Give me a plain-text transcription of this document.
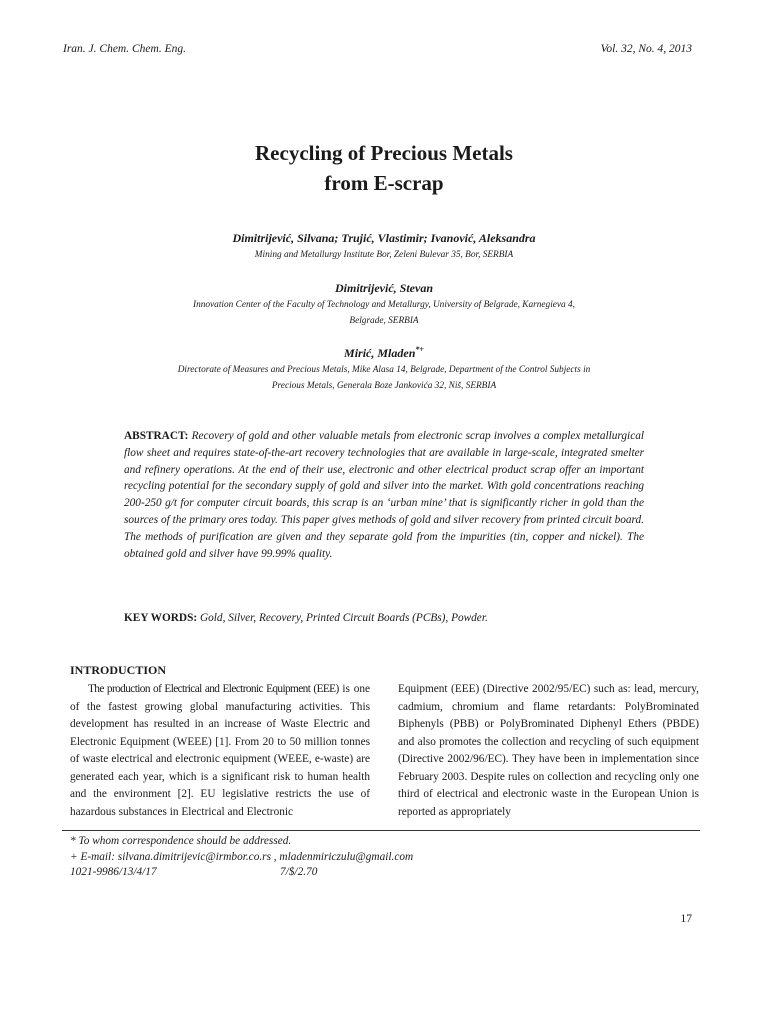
Iran. J. Chem. Chem. Eng.	Vol. 32, No. 4, 2013
Recycling of Precious Metals
from E-scrap
Dimitrijević, Silvana; Trujić, Vlastimir; Ivanović, Aleksandra
Mining and Metallurgy Institute Bor, Zeleni Bulevar 35, Bor, SERBIA
Dimitrijević, Stevan
Innovation Center of the Faculty of Technology and Metallurgy, University of Belgrade, Karnegieva 4,
Belgrade, SERBIA
Mirić, Mladen*+
Directorate of Measures and Precious Metals, Mike Alasa 14, Belgrade, Department of the Control Subjects in
Precious Metals, Generala Boze Jankovića 32, Niš, SERBIA
ABSTRACT: Recovery of gold and other valuable metals from electronic scrap involves a complex metallurgical flow sheet and requires state-of-the-art recovery technologies that are available in large-scale, integrated smelter and refinery operations. At the end of their use, electronic and other electrical product scrap offer an important recycling potential for the secondary supply of gold and silver into the market. With gold concentrations reaching 200-250 g/t for computer circuit boards, this scrap is an ‘urban mine’ that is significantly richer in gold than the sources of the primary ores today. This paper gives methods of gold and silver recovery from printed circuit board. The methods of purification are given and they separate gold from the impurities (tin, copper and nickel). The obtained gold and silver have 99.99% quality.
KEY WORDS: Gold, Silver, Recovery, Printed Circuit Boards (PCBs), Powder.
INTRODUCTION
The production of Electrical and Electronic Equipment (EEE) is one of the fastest growing global manufacturing activities. This development has resulted in an increase of Waste Electric and Electronic Equipment (WEEE) [1]. From 20 to 50 million tonnes of waste electrical and electronic equipment (WEEE, e-waste) are generated each year, which is a significant risk to human health and the environment [2]. EU legislative restricts the use of hazardous substances in Electrical and Electronic
Equipment (EEE) (Directive 2002/95/EC) such as: lead, mercury, cadmium, chromium and flame retardants: PolyBrominated Biphenyls (PBB) or PolyBrominated Diphenyl Ethers (PBDE) and also promotes the collection and recycling of such equipment (Directive 2002/96/EC). They have been in implementation since February 2003. Despite rules on collection and recycling only one third of electrical and electronic waste in the European Union is reported as appropriately
* To whom correspondence should be addressed.
+ E-mail: silvana.dimitrijevic@irmbor.co.rs , mladenmiriczulu@gmail.com
1021-9986/13/4/17	7/$/2.70
17
